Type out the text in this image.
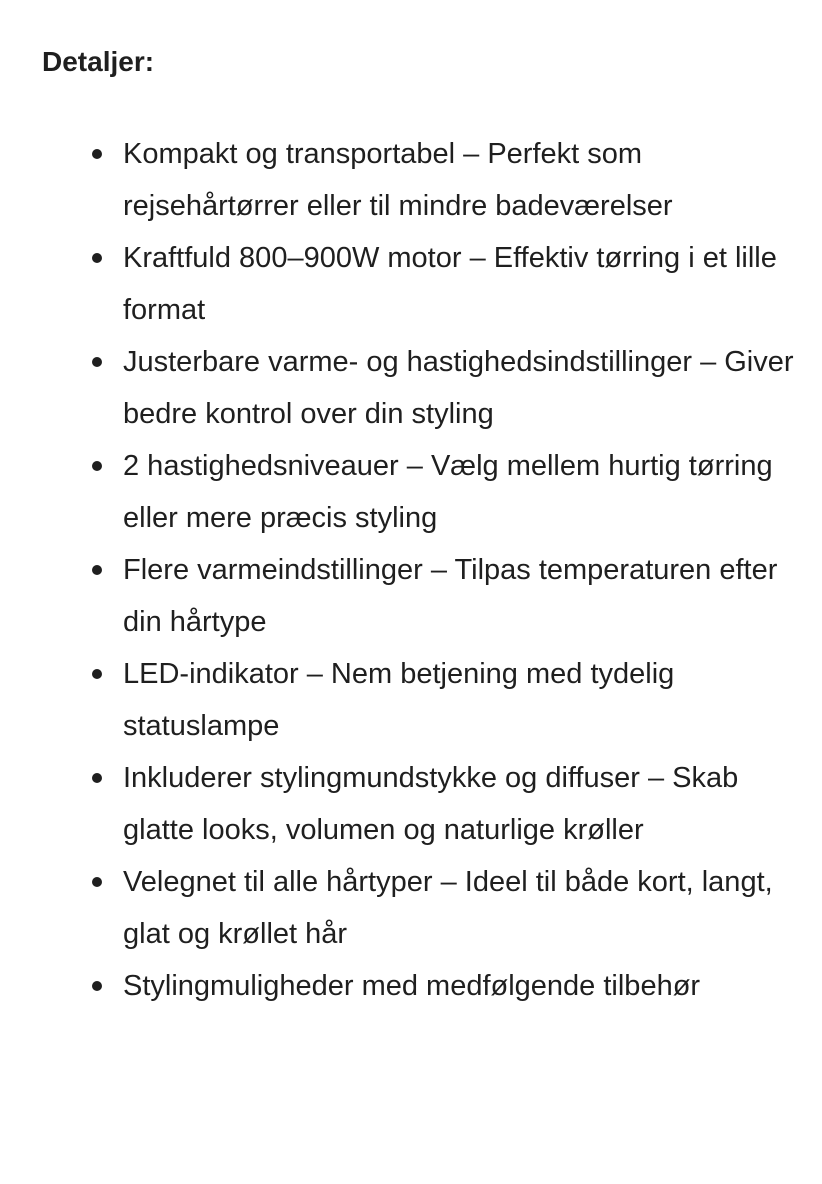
Detaljer:
Kompakt og transportabel – Perfekt som rejsehårtørrer eller til mindre badeværelser
Kraftfuld 800–900W motor – Effektiv tørring i et lille format
Justerbare varme- og hastighedsindstillinger – Giver bedre kontrol over din styling
2 hastighedsniveauer – Vælg mellem hurtig tørring eller mere præcis styling
Flere varmeindstillinger – Tilpas temperaturen efter din hårtype
LED-indikator – Nem betjening med tydelig statuslampe
Inkluderer stylingmundstykke og diffuser – Skab glatte looks, volumen og naturlige krøller
Velegnet til alle hårtyper – Ideel til både kort, langt, glat og krøllet hår
Stylingmuligheder med medfølgende tilbehør
